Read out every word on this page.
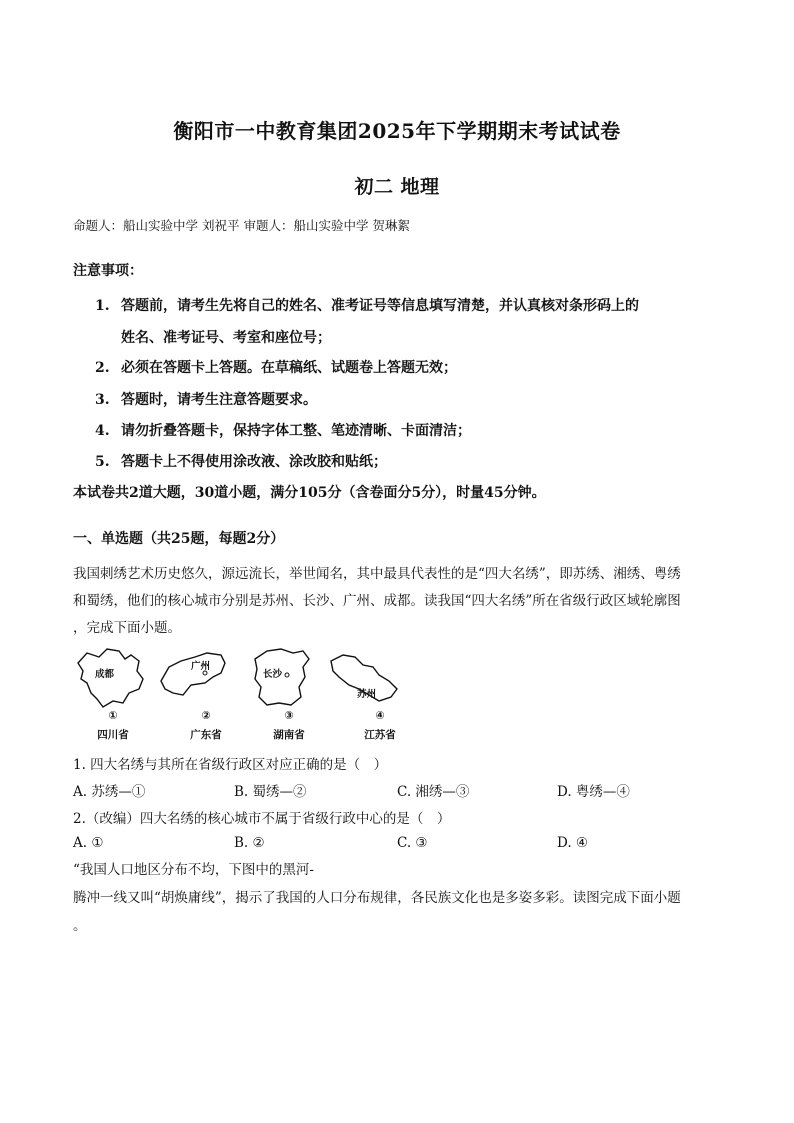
衡阳市一中教育集团2025年下学期期末考试试卷
初二 地理
命题人：船山实验中学 刘祝平 审题人：船山实验中学 贺琳絮
注意事项：
1. 答题前，请考生先将自己的姓名、准考证号等信息填写清楚，并认真核对条形码上的
姓名、准考证号、考室和座位号；
2. 必须在答题卡上答题。在草稿纸、试题卷上答题无效；
3. 答题时，请考生注意答题要求。
4. 请勿折叠答题卡，保持字体工整、笔迹清晰、卡面清洁；
5. 答题卡上不得使用涂改液、涂改胶和贴纸；
本试卷共2道大题，30道小题，满分105分（含卷面分5分），时量45分钟。
一、单选题（共25题，每题2分）
我国刺绣艺术历史悠久，源远流长，举世闻名，其中最具代表性的是“四大名绣”，即苏绣、湘绣、粤绣
和蜀绣，他们的核心城市分别是苏州、长沙、广州、成都。读我国“四大名绣”所在省级行政区域轮廓图
，完成下面小题。
成都
广州
长沙
苏州
①	②	③	④
四川省	广东省	湖南省	江苏省
1. 四大名绣与其所在省级行政区对应正确的是（　）
A. 苏绣—①	B. 蜀绣—②	C. 湘绣—③	D. 粤绣—④
2.（改编）四大名绣的核心城市不属于省级行政中心的是（　）
A. ①	B. ②	C. ③	D. ④
“我国人口地区分布不均，下图中的黑河-
腾冲一线又叫“胡焕庸线”，揭示了我国的人口分布规律，各民族文化也是多姿多彩。读图完成下面小题
。
